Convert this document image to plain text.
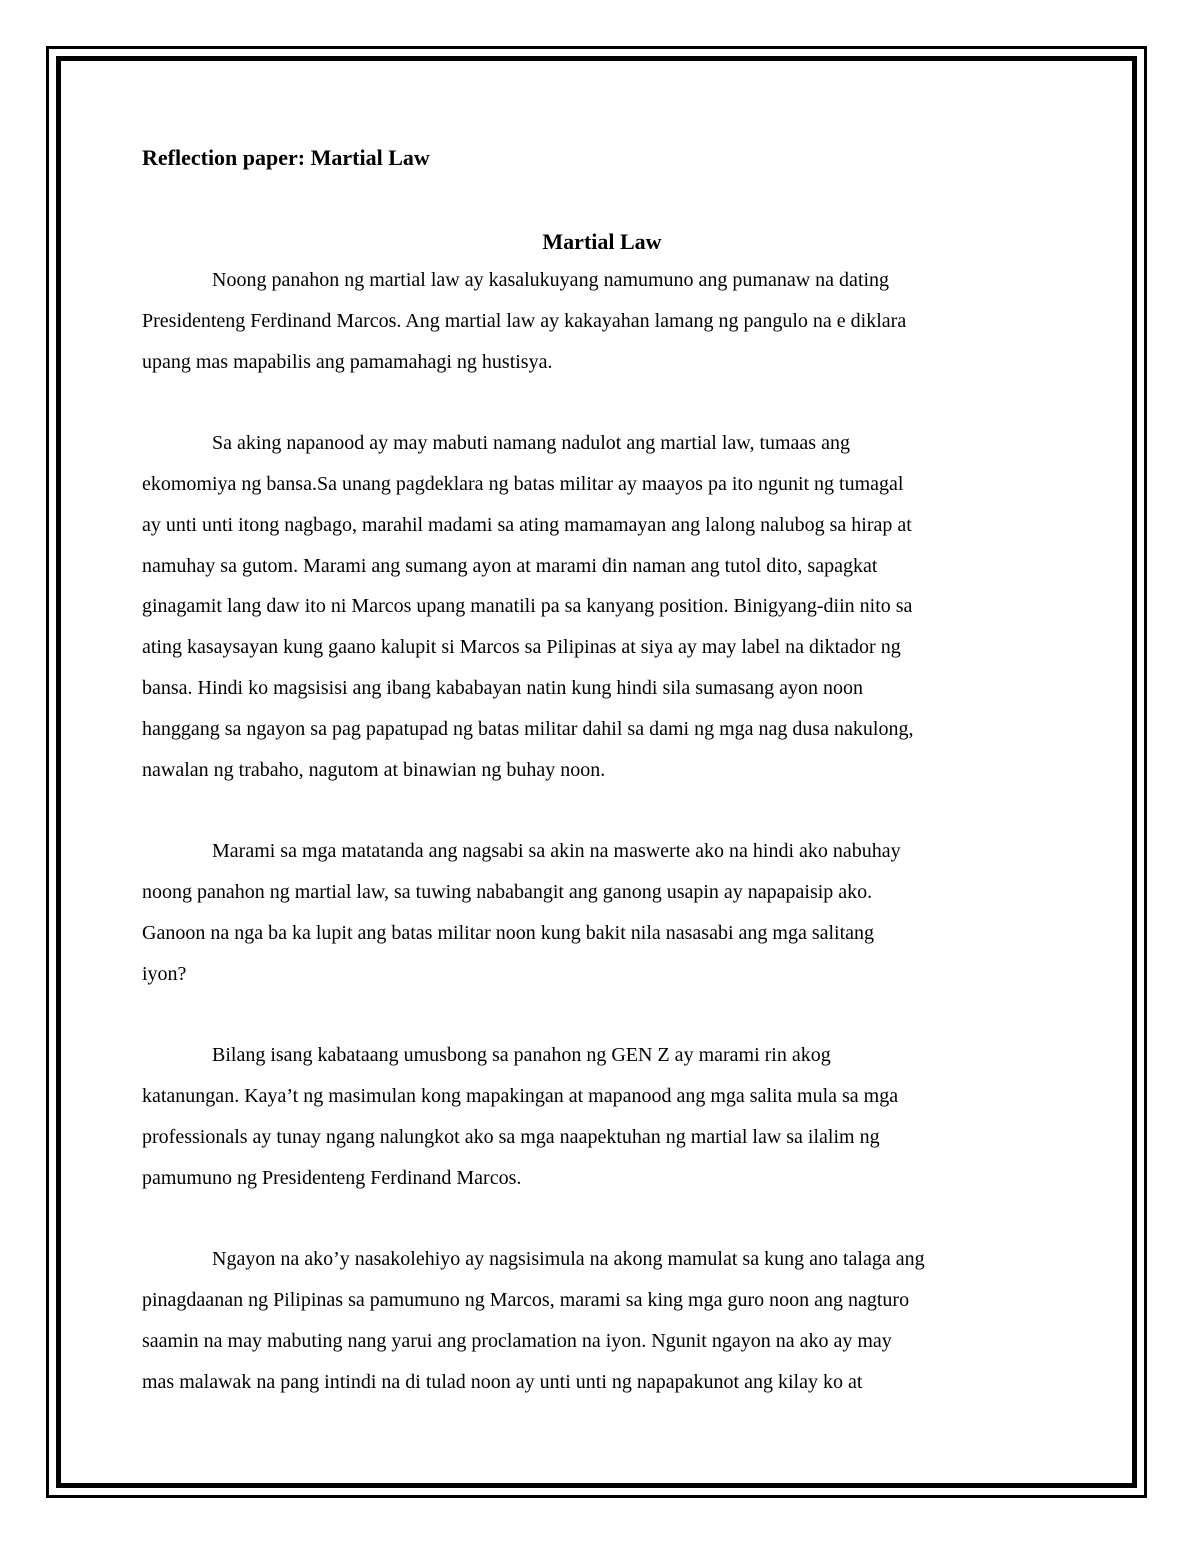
Reflection paper: Martial Law

Martial Law

Noong panahon ng martial law ay kasalukuyang namumuno ang pumanaw na dating
Presidenteng Ferdinand Marcos. Ang martial law ay kakayahan lamang ng pangulo na e diklara
upang mas mapabilis ang pamamahagi ng hustisya.
Sa aking napanood ay may mabuti namang nadulot ang martial law, tumaas ang
ekomomiya ng bansa.Sa unang pagdeklara ng batas militar ay maayos pa ito ngunit ng tumagal
ay unti unti itong nagbago, marahil madami sa ating mamamayan ang lalong nalubog sa hirap at
namuhay sa gutom. Marami ang sumang ayon at marami din naman ang tutol dito, sapagkat
ginagamit lang daw ito ni Marcos upang manatili pa sa kanyang position. Binigyang-diin nito sa
ating kasaysayan kung gaano kalupit si Marcos sa Pilipinas at siya ay may label na diktador ng
bansa. Hindi ko magsisisi ang ibang kababayan natin kung hindi sila sumasang ayon noon
hanggang sa ngayon sa pag papatupad ng batas militar dahil sa dami ng mga nag dusa nakulong,
nawalan ng trabaho, nagutom at binawian ng buhay noon.
Marami sa mga matatanda ang nagsabi sa akin na maswerte ako na hindi ako nabuhay
noong panahon ng martial law, sa tuwing nababangit ang ganong usapin ay napapaisip ako.
Ganoon na nga ba ka lupit ang batas militar noon kung bakit nila nasasabi ang mga salitang
iyon?
Bilang isang kabataang umusbong sa panahon ng GEN Z ay marami rin akog
katanungan. Kaya’t ng masimulan kong mapakingan at mapanood ang mga salita mula sa mga
professionals ay tunay ngang nalungkot ako sa mga naapektuhan ng martial law sa ilalim ng
pamumuno ng Presidenteng Ferdinand Marcos.
Ngayon na ako’y nasakolehiyo ay nagsisimula na akong mamulat sa kung ano talaga ang
pinagdaanan ng Pilipinas sa pamumuno ng Marcos, marami sa king mga guro noon ang nagturo
saamin na may mabuting nang yarui ang proclamation na iyon. Ngunit ngayon na ako ay may
mas malawak na pang intindi na di tulad noon ay unti unti ng napapakunot ang kilay ko at
